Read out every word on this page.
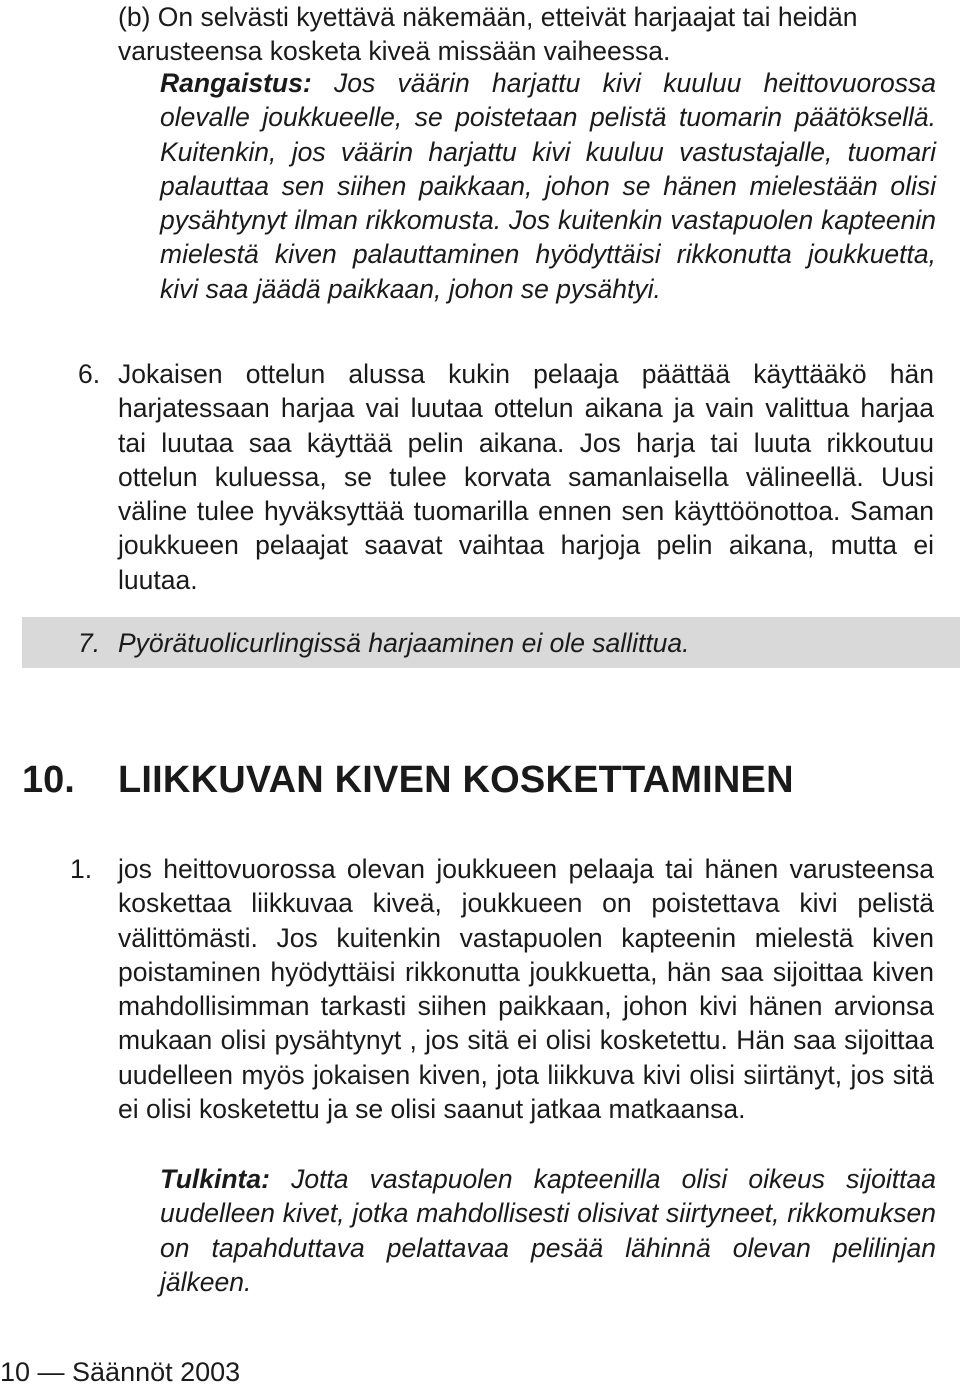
(b) On selvästi kyettävä näkemään, etteivät harjaajat tai heidän varusteensa kosketa kiveä missään vaiheessa.

Rangaistus: Jos väärin harjattu kivi kuuluu heittovuorossa olevalle joukkueelle, se poistetaan pelistä tuomarin päätöksellä. Kuitenkin, jos väärin harjattu kivi kuuluu vastustajalle, tuomari palauttaa sen siihen paikkaan, johon se hänen mielestään olisi pysähtynyt ilman rikkomusta. Jos kuitenkin vastapuolen kapteenin mielestä kiven palauttaminen hyödyttäisi rikkonutta joukkuetta, kivi saa jäädä paikkaan, johon se pysähtyi.

6. Jokaisen ottelun alussa kukin pelaaja päättää käyttääkö hän harjatessaan harjaa vai luutaa ottelun aikana ja vain valittua harjaa tai luutaa saa käyttää pelin aikana. Jos harja tai luuta rikkoutuu ottelun kuluessa, se tulee korvata samanlaisella välineellä. Uusi väline tulee hyväksyttää tuomarilla ennen sen käyttöönottoa. Saman joukkueen pelaajat saavat vaihtaa harjoja pelin aikana, mutta ei luutaa.

7. Pyörätuolicurlingissä harjaaminen ei ole sallittua.

10. LIIKKUVAN KIVEN KOSKETTAMINEN
1. jos heittovuorossa olevan joukkueen pelaaja tai hänen varusteensa koskettaa liikkuvaa kiveä, joukkueen on poistettava kivi pelistä välittömästi. Jos kuitenkin vastapuolen kapteenin mielestä kiven poistaminen hyödyttäisi rikkonutta joukkuetta, hän saa sijoittaa kiven mahdollisimman tarkasti siihen paikkaan, johon kivi hänen arvionsa mukaan olisi pysähtynyt , jos sitä ei olisi kosketettu. Hän saa sijoittaa uudelleen myös jokaisen kiven, jota liikkuva kivi olisi siirtänyt, jos sitä ei olisi kosketettu ja se olisi saanut jatkaa matkaansa.

Tulkinta: Jotta vastapuolen kapteenilla olisi oikeus sijoittaa uudelleen kivet, jotka mahdollisesti olisivat siirtyneet, rikkomuksen on tapahduttava pelattavaa pesää lähinnä olevan pelilinjan jälkeen.

10 — Säännöt 2003
